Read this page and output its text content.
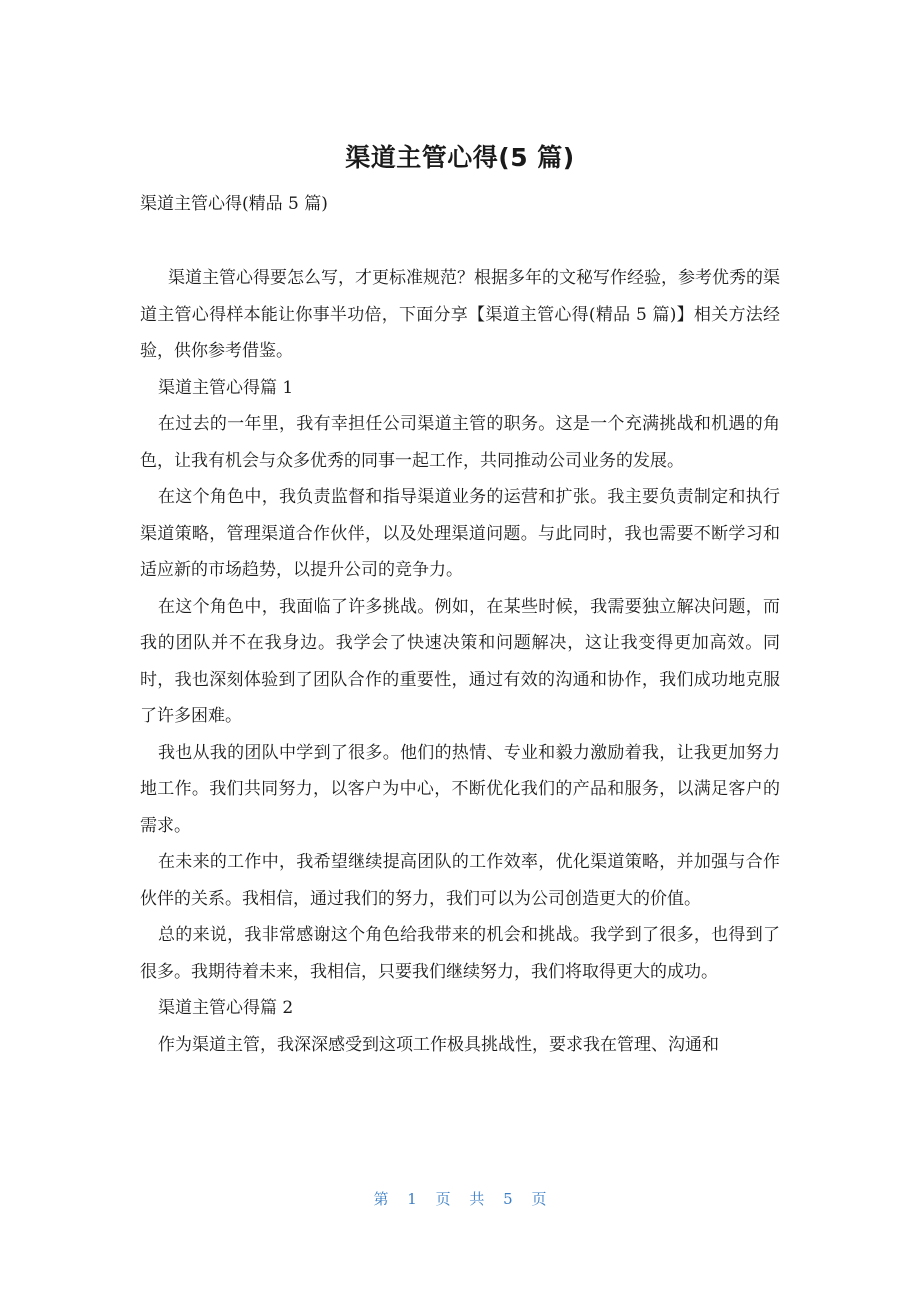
渠道主管心得(5 篇)

渠道主管心得(精品 5 篇)

渠道主管心得要怎么写，才更标准规范？根据多年的文秘写作经验，参考优秀的渠道主管心得样本能让你事半功倍，下面分享【渠道主管心得(精品 5 篇)】相关方法经验，供你参考借鉴。

渠道主管心得篇 1

在过去的一年里，我有幸担任公司渠道主管的职务。这是一个充满挑战和机遇的角色，让我有机会与众多优秀的同事一起工作，共同推动公司业务的发展。

在这个角色中，我负责监督和指导渠道业务的运营和扩张。我主要负责制定和执行渠道策略，管理渠道合作伙伴，以及处理渠道问题。与此同时，我也需要不断学习和适应新的市场趋势，以提升公司的竞争力。

在这个角色中，我面临了许多挑战。例如，在某些时候，我需要独立解决问题，而我的团队并不在我身边。我学会了快速决策和问题解决，这让我变得更加高效。同时，我也深刻体验到了团队合作的重要性，通过有效的沟通和协作，我们成功地克服了许多困难。

我也从我的团队中学到了很多。他们的热情、专业和毅力激励着我，让我更加努力地工作。我们共同努力，以客户为中心，不断优化我们的产品和服务，以满足客户的需求。

在未来的工作中，我希望继续提高团队的工作效率，优化渠道策略，并加强与合作伙伴的关系。我相信，通过我们的努力，我们可以为公司创造更大的价值。

总的来说，我非常感谢这个角色给我带来的机会和挑战。我学到了很多，也得到了很多。我期待着未来，我相信，只要我们继续努力，我们将取得更大的成功。

渠道主管心得篇 2

作为渠道主管，我深深感受到这项工作极具挑战性，要求我在管理、沟通和

第 1 页 共 5 页
